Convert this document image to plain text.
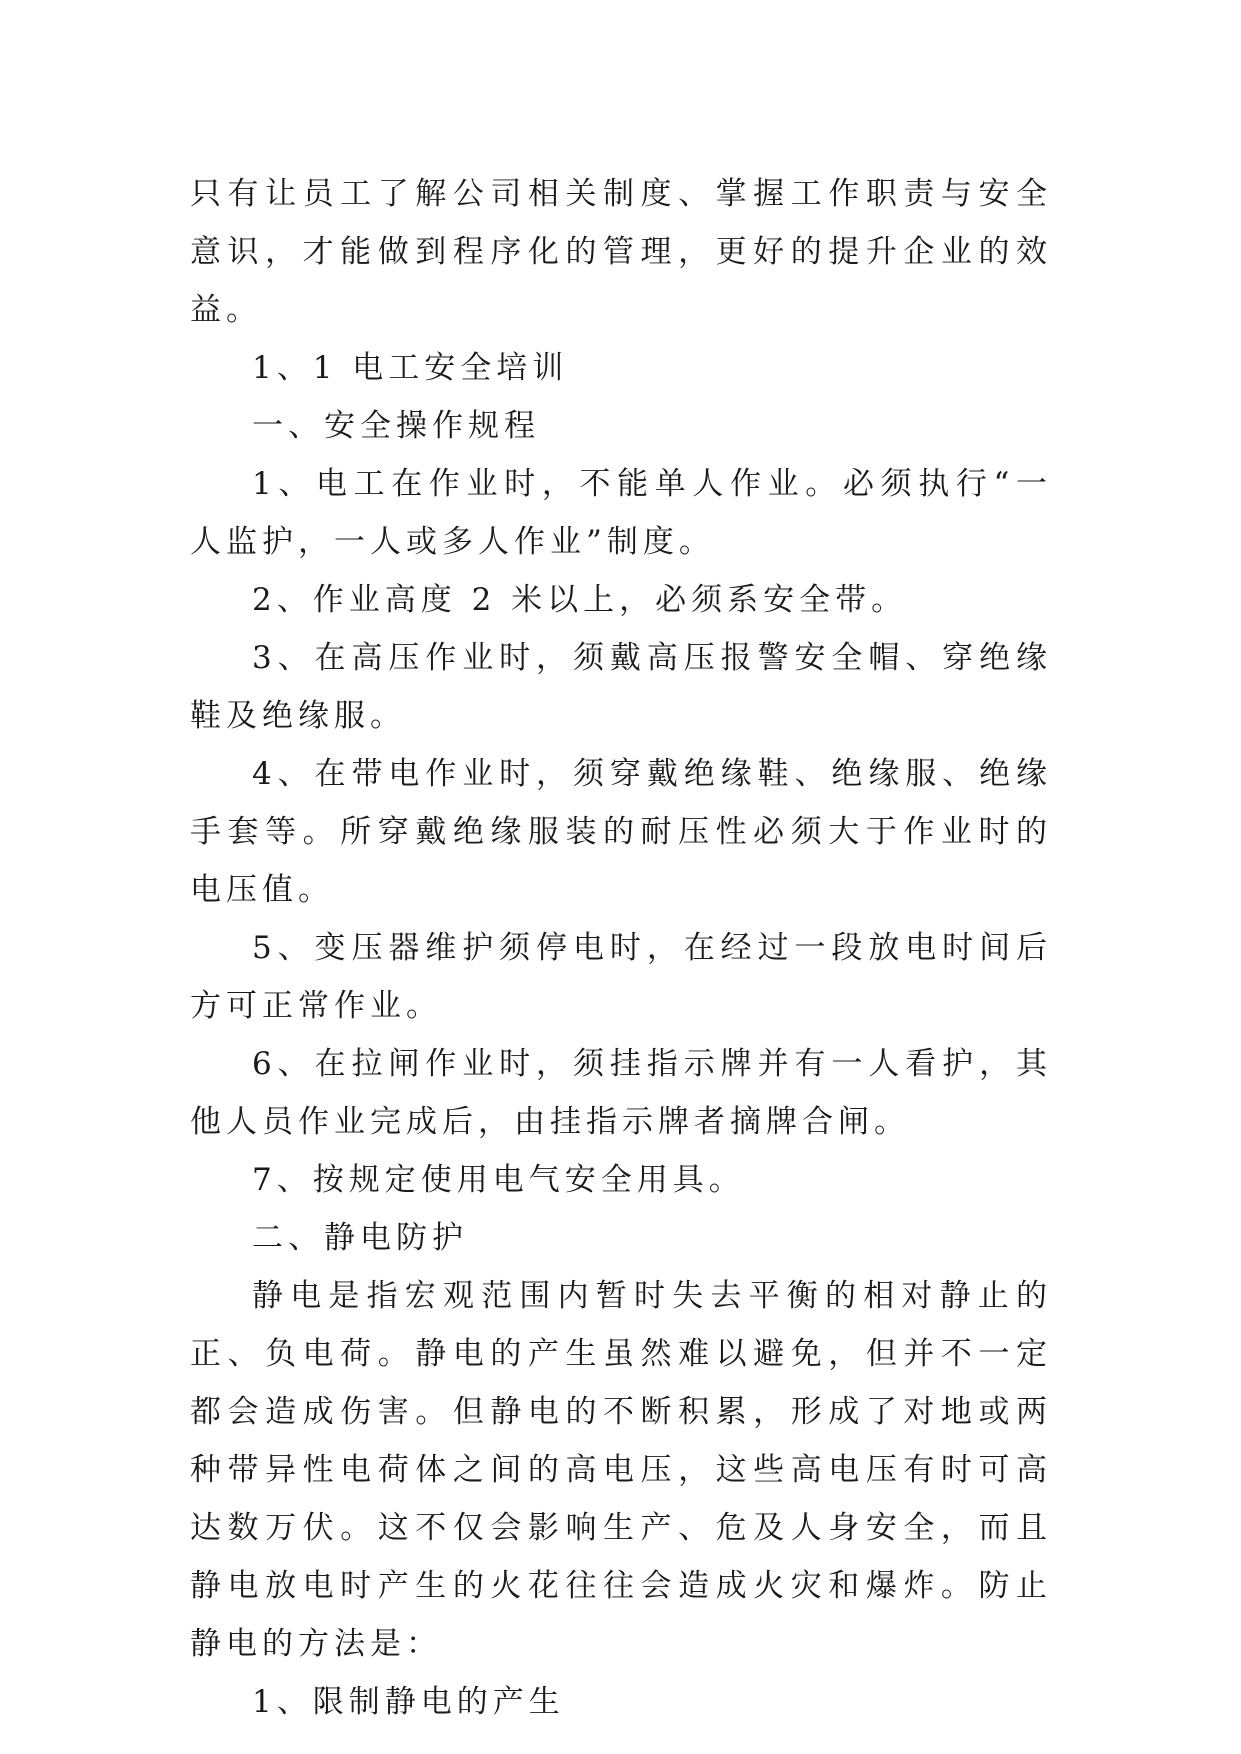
只有让员工了解公司相关制度、掌握工作职责与安全意识，才能做到程序化的管理，更好的提升企业的效益。

1、1 电工安全培训

一、安全操作规程

1、电工在作业时，不能单人作业。必须执行“一人监护，一人或多人作业”制度。

2、作业高度 2 米以上，必须系安全带。

3、在高压作业时，须戴高压报警安全帽、穿绝缘鞋及绝缘服。

4、在带电作业时，须穿戴绝缘鞋、绝缘服、绝缘手套等。所穿戴绝缘服装的耐压性必须大于作业时的电压值。

5、变压器维护须停电时，在经过一段放电时间后方可正常作业。

6、在拉闸作业时，须挂指示牌并有一人看护，其他人员作业完成后，由挂指示牌者摘牌合闸。

7、按规定使用电气安全用具。

二、静电防护

静电是指宏观范围内暂时失去平衡的相对静止的正、负电荷。静电的产生虽然难以避免，但并不一定都会造成伤害。但静电的不断积累，形成了对地或两种带异性电荷体之间的高电压，这些高电压有时可高达数万伏。这不仅会影响生产、危及人身安全，而且静电放电时产生的火花往往会造成火灾和爆炸。防止静电的方法是：

1、限制静电的产生
